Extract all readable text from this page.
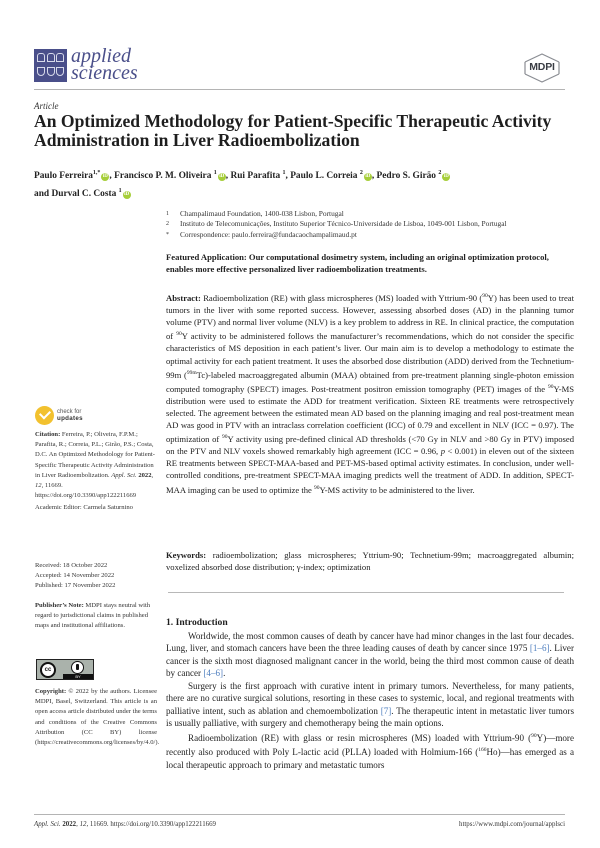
applied
sciences	MDPI
Article
An Optimized Methodology for Patient-Specific Therapeutic Activity Administration in Liver Radioembolization
Paulo Ferreira$^{1,*}$iD , Francisco P. M. Oliveira $^1$iD , Rui Parafita $^1$, Paulo L. Correia $^2$iD , Pedro S. Girão $^2$iD
and Durval C. Costa $^1$iD
1	Champalimaud Foundation, 1400-038 Lisbon, Portugal
2	Instituto de Telecomunicações, Instituto Superior Técnico-Universidade de Lisboa, 1049-001 Lisbon, Portugal
*	Correspondence: paulo.ferreira@fundacaochampalimaud.pt
Featured Application: Our computational dosimetry system, including an original optimization protocol, enables more effective personalized liver radioembolization treatments.
Abstract: Radioembolization (RE) with glass microspheres (MS) loaded with Yttrium-90 ($^{90}$Y) has been used to treat tumors in the liver with some reported success. However, assessing absorbed doses (AD) in the planning tumor volume (PTV) and normal liver volume (NLV) is a key problem to address in RE. In clinical practice, the computation of $^{90}$Y activity to be administered follows the manufacturer’s recommendations, which do not consider the specific characteristics of MS deposition in each patient’s liver. Our main aim is to develop a methodology to estimate the optimal activity for each patient treatment. It uses the absorbed dose distribution (ADD) derived from the Technetium-99m ($^{99m}$Tc)-labeled macroaggregated albumin (MAA) obtained from pre-treatment planning single-photon emission computed tomography (SPECT) images. Post-treatment positron emission tomography (PET) images of the $^{90}$Y-MS distribution were used to estimate the ADD for treatment verification. Sixteen RE treatments were retrospectively selected. The agreement between the estimated mean AD based on the planning imaging and real post-treatment mean AD was good in PTV with an intraclass correlation coefficient (ICC) of 0.79 and excellent in NLV (ICC = 0.97). The optimization of $^{90}$Y activity using pre-defined clinical AD thresholds (<70 Gy in NLV and >80 Gy in PTV) imposed on the PTV and NLV voxels showed remarkably high agreement (ICC = 0.96, p < 0.001) in eleven out of the sixteen RE treatments between SPECT-MAA-based and PET-MS-based optimal activity estimates. In conclusion, under well-controlled conditions, pre-treatment SPECT-MAA imaging predicts well the treatment of ADD. In addition, SPECT-MAA imaging can be used to optimize the $^{90}$Y-MS activity to be administered to the liver.
Keywords: radioembolization; glass microspheres; Yttrium-90; Technetium-99m; macroaggregated albumin; voxelized absorbed dose distribution; γ-index; optimization
1. Introduction

Worldwide, the most common causes of death by cancer have had minor changes in the last four decades. Lung, liver, and stomach cancers have been the three leading causes of death by cancer since 1975 [1–6]. Liver cancer is the sixth most diagnosed malignant cancer in the world, being the third most common cause of death by cancer [4–6].

Surgery is the first approach with curative intent in primary tumors. Nevertheless, for many patients, there are no curative surgical solutions, resorting in these cases to systemic, local, and regional treatments with palliative intent, such as ablation and chemoembolization [7]. The therapeutic intent in metastatic liver tumors is usually palliative, with surgery and chemotherapy being the main options.

Radioembolization (RE) with glass or resin microspheres (MS) loaded with Yttrium-90 ($^{90}$Y)—more recently also produced with Poly L-lactic acid (PLLA) loaded with Holmium-166 ($^{166}$Ho)—has emerged as a local therapeutic approach to primary and metastatic tumors

check for
updates
Citation: Ferreira, P.; Oliveira, F.P.M.; Parafita, R.; Correia, P.L.; Girão, P.S.; Costa, D.C. An Optimized Methodology for Patient-Specific Therapeutic Activity Administration in Liver Radioembolization. Appl. Sci. 2022, 12, 11669. https://doi.org/10.3390/app122211669
Academic Editor: Carmela Saturnino
Received: 18 October 2022
Accepted: 14 November 2022
Published: 17 November 2022
Publisher’s Note: MDPI stays neutral with regard to jurisdictional claims in published maps and institutional affiliations.
cc
BY
Copyright: © 2022 by the authors. Licensee MDPI, Basel, Switzerland. This article is an open access article distributed under the terms and conditions of the Creative Commons Attribution (CC BY) license (https://creativecommons.org/licenses/by/4.0/).
Appl. Sci. 2022, 12, 11669. https://doi.org/10.3390/app122211669	https://www.mdpi.com/journal/applsci
